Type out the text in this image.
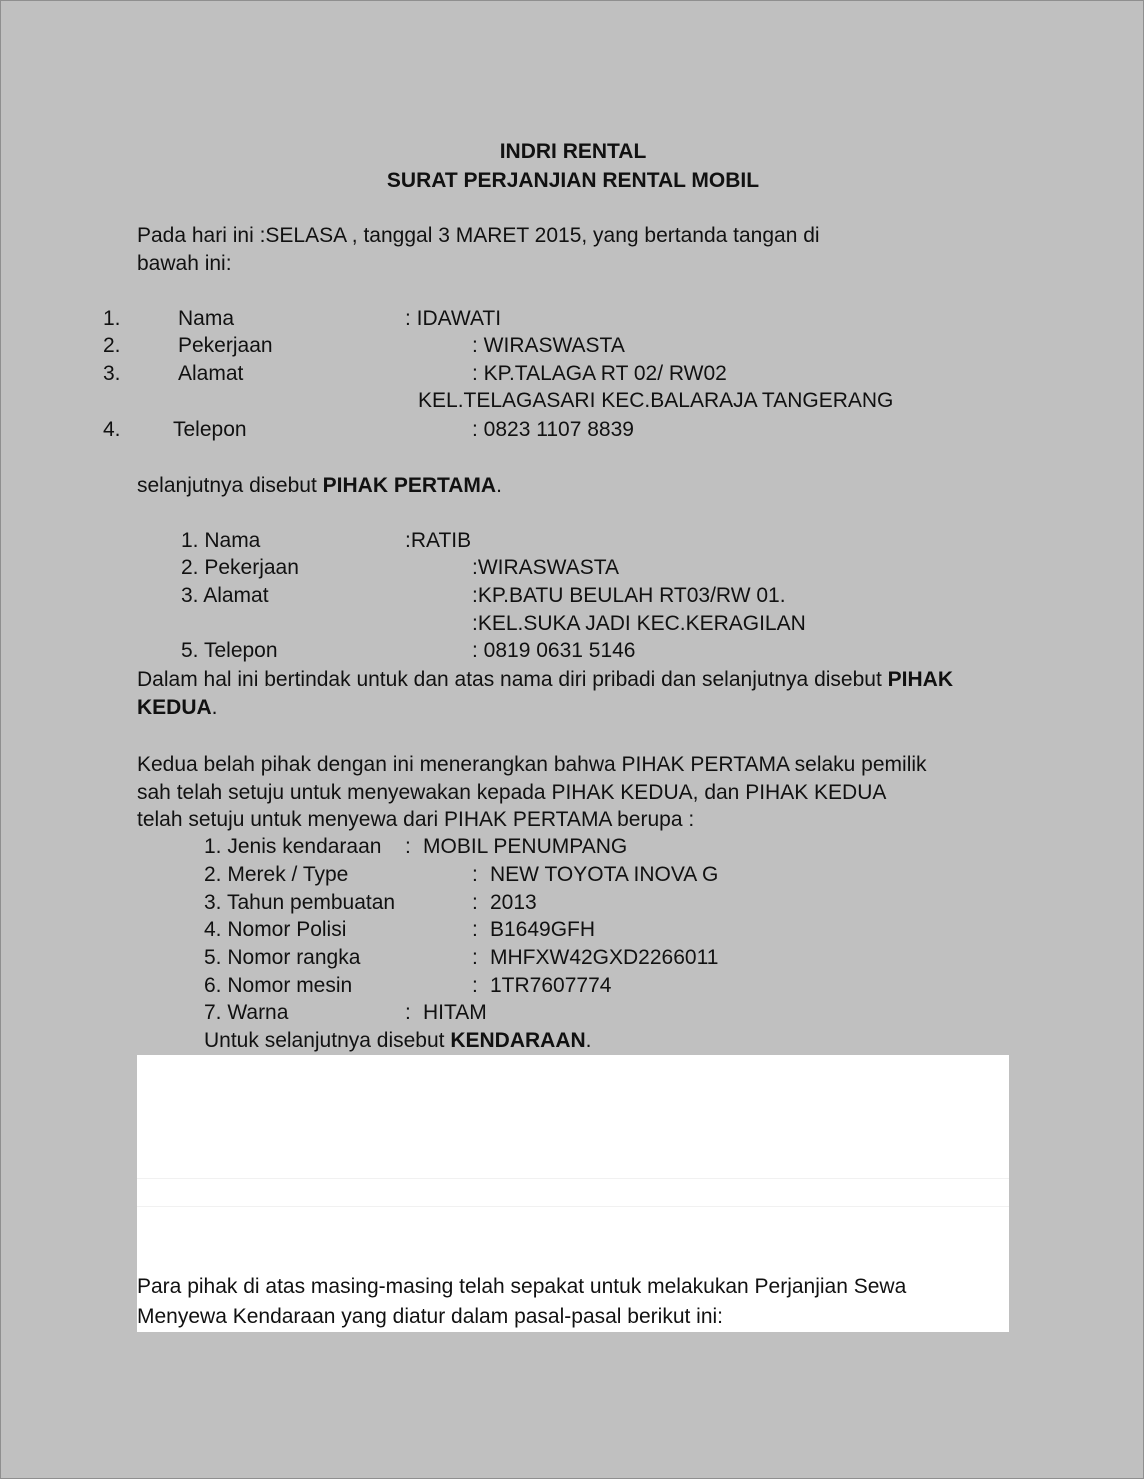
INDRI RENTAL
SURAT PERJANJIAN RENTAL MOBIL
Pada hari ini :SELASA , tanggal 3 MARET 2015, yang bertanda tangan di
bawah ini:
1.	Nama	: IDAWATI
2.	Pekerjaan	: WIRASWASTA
3.	Alamat	: KP.TALAGA RT 02/ RW02
KEL.TELAGASARI KEC.BALARAJA TANGERANG
4. Telepon	: 0823 1107 8839
selanjutnya disebut PIHAK PERTAMA.
1. Nama	:RATIB
2. Pekerjaan	:WIRASWASTA
3. Alamat	:KP.BATU BEULAH RT03/RW 01.
:KEL.SUKA JADI KEC.KERAGILAN
5. Telepon	: 0819 0631 5146
Dalam hal ini bertindak untuk dan atas nama diri pribadi dan selanjutnya disebut PIHAK
KEDUA.
Kedua belah pihak dengan ini menerangkan bahwa PIHAK PERTAMA selaku pemilik
sah telah setuju untuk menyewakan kepada PIHAK KEDUA, dan PIHAK KEDUA
telah setuju untuk menyewa dari PIHAK PERTAMA berupa :
1. Jenis kendaraan : MOBIL PENUMPANG
2. Merek / Type	: NEW TOYOTA INOVA G
3. Tahun pembuatan	: 2013
4. Nomor Polisi	: B1649GFH
5. Nomor rangka	: MHFXW42GXD2266011
6. Nomor mesin	: 1TR7607774
7. Warna	: HITAM
Untuk selanjutnya disebut KENDARAAN.
Para pihak di atas masing-masing telah sepakat untuk melakukan Perjanjian Sewa
Menyewa Kendaraan yang diatur dalam pasal-pasal berikut ini:
